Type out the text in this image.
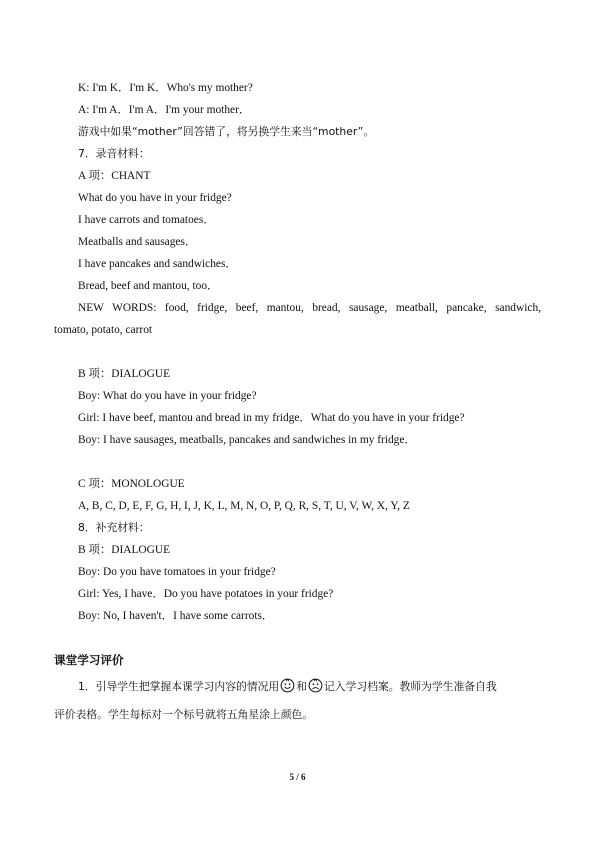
K: I'm K．I'm K．Who's my mother?
A: I'm A．I'm A．I'm your mother．
游戏中如果“mother”回答错了，将另换学生来当“mother”。
7．录音材料：
A 项：CHANT
What do you have in your fridge?
I have carrots and tomatoes．
Meatballs and sausages．
I have pancakes and sandwiches．
Bread, beef and mantou, too．
NEW WORDS: food, fridge, beef, mantou, bread, sausage, meatball, pancake, sandwich,
tomato, potato, carrot
B 项：DIALOGUE
Boy: What do you have in your fridge?
Girl: I have beef, mantou and bread in my fridge．What do you have in your fridge?
Boy: I have sausages, meatballs, pancakes and sandwiches in my fridge．
C 项：MONOLOGUE
A, B, C, D, E, F, G, H, I, J, K, L, M, N, O, P, Q, R, S, T, U, V, W, X, Y, Z
8．补充材料：
B 项：DIALOGUE
Boy: Do you have tomatoes in your fridge?
Girl: Yes, I have．Do you have potatoes in your fridge?
Boy: No, I haven't．I have some carrots．
课堂学习评价
1．引导学生把掌握本课学习内容的情况用 和 记入学习档案。教师为学生准备自我
评价表格。学生每标对一个标号就将五角星涂上颜色。
5 / 6
